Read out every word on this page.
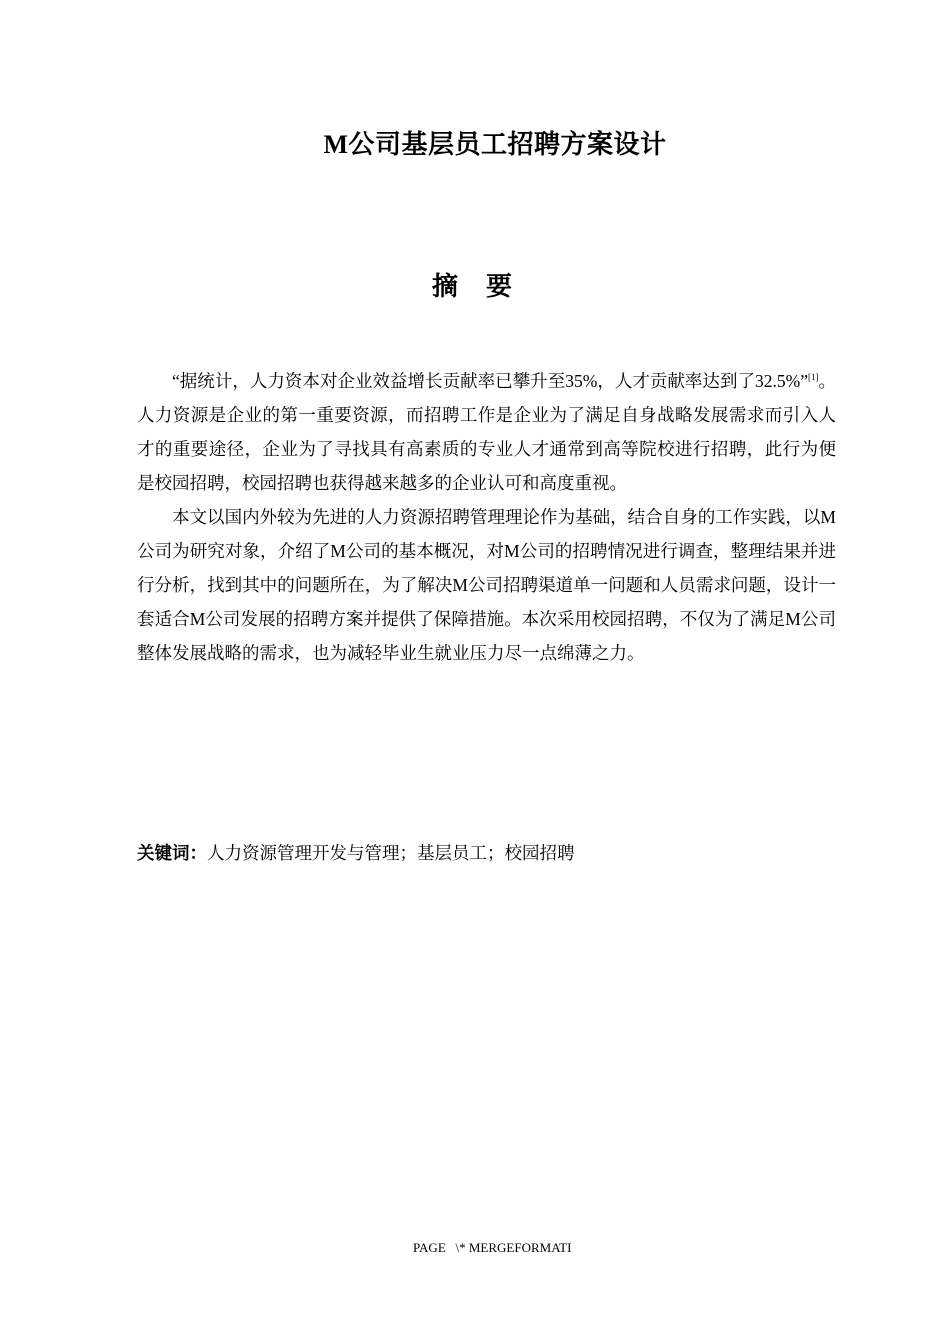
M公司基层员工招聘方案设计
摘要

“据统计，人力资本对企业效益增长贡献率已攀升至35%，人才贡献率达到了32.5%”[1]。人力资源是企业的第一重要资源，而招聘工作是企业为了满足自身战略发展需求而引入人才的重要途径，企业为了寻找具有高素质的专业人才通常到高等院校进行招聘，此行为便是校园招聘，校园招聘也获得越来越多的企业认可和高度重视。

本文以国内外较为先进的人力资源招聘管理理论作为基础，结合自身的工作实践，以M公司为研究对象，介绍了M公司的基本概况，对M公司的招聘情况进行调查，整理结果并进行分析，找到其中的问题所在，为了解决M公司招聘渠道单一问题和人员需求问题，设计一套适合M公司发展的招聘方案并提供了保障措施。本次采用校园招聘，不仅为了满足M公司整体发展战略的需求，也为减轻毕业生就业压力尽一点绵薄之力。

关键词：人力资源管理开发与管理；基层员工；校园招聘
PAGE   \* MERGEFORMATI
